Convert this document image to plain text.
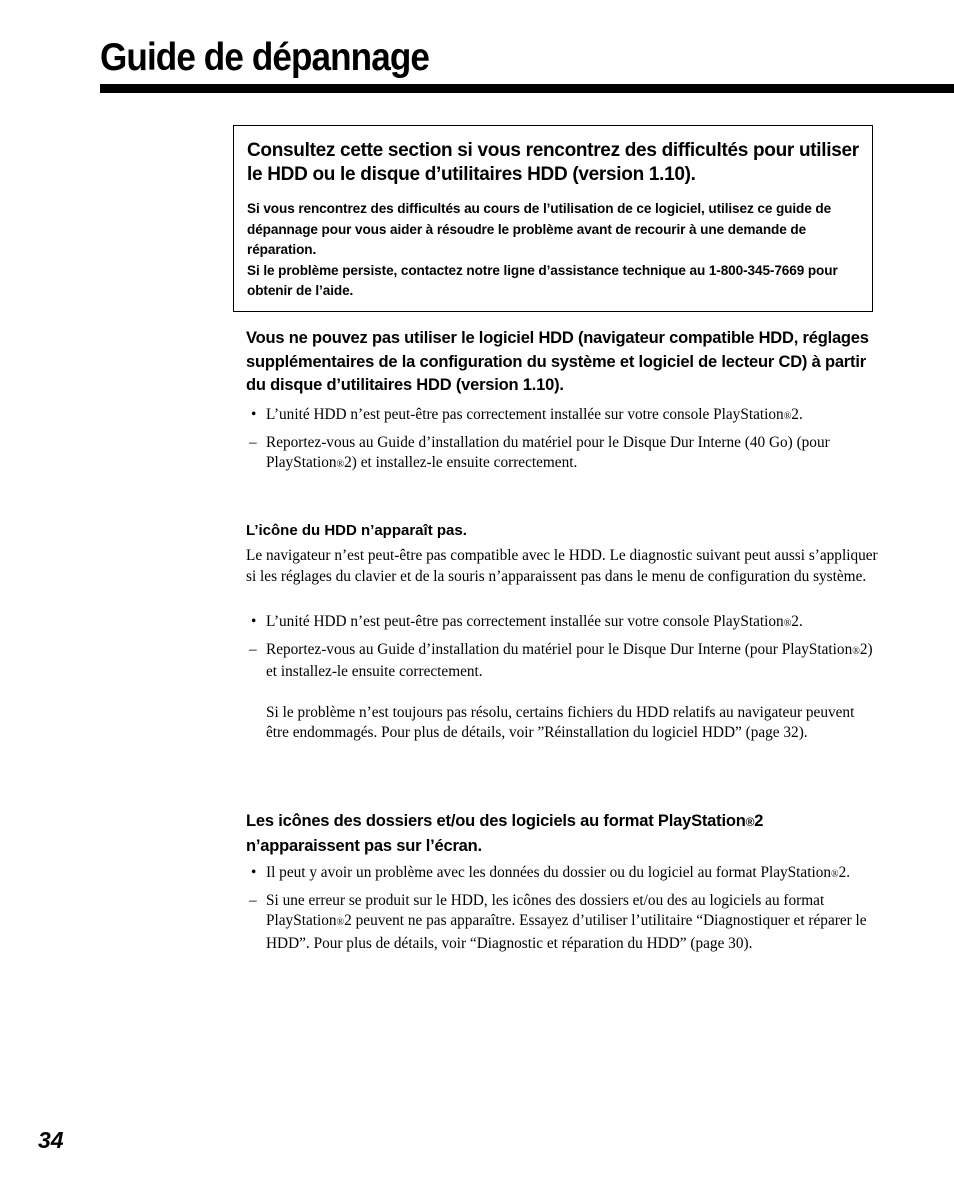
Guide de dépannage
Consultez cette section si vous rencontrez des difficultés pour utiliser le HDD ou le disque d’utilitaires HDD (version 1.10).
Si vous rencontrez des difficultés au cours de l’utilisation de ce logiciel, utilisez ce guide de dépannage pour vous aider à résoudre le problème avant de recourir à une demande de réparation.
Si le problème persiste, contactez notre ligne d’assistance technique au 1-800-345-7669 pour obtenir de l’aide.
Vous ne pouvez pas utiliser le logiciel HDD (navigateur compatible HDD, réglages supplémentaires de la configuration du système et logiciel de lecteur CD) à partir du disque d’utilitaires HDD (version 1.10).
• L’unité HDD n’est peut-être pas correctement installée sur votre console PlayStation®2.
– Reportez-vous au Guide d’installation du matériel pour le Disque Dur Interne (40 Go) (pour PlayStation®2) et installez-le ensuite correctement.
L’icône du HDD n’apparaît pas.
Le navigateur n’est peut-être pas compatible avec le HDD. Le diagnostic suivant peut aussi s’appliquer si les réglages du clavier et de la souris n’apparaissent pas dans le menu de configuration du système.
• L’unité HDD n’est peut-être pas correctement installée sur votre console PlayStation®2.
– Reportez-vous au Guide d’installation du matériel pour le Disque Dur Interne (pour PlayStation®2) et installez-le ensuite correctement.
Si le problème n’est toujours pas résolu, certains fichiers du HDD relatifs au navigateur peuvent être endommagés. Pour plus de détails, voir ”Réinstallation du logiciel HDD” (page 32).
Les icônes des dossiers et/ou des logiciels au format PlayStation®2 n’apparaissent pas sur l’écran.
• Il peut y avoir un problème avec les données du dossier ou du logiciel au format PlayStation®2.
– Si une erreur se produit sur le HDD, les icônes des dossiers et/ou des au logiciels au format PlayStation®2 peuvent ne pas apparaître. Essayez d’utiliser l’utilitaire “Diagnostiquer et réparer le HDD”. Pour plus de détails, voir “Diagnostic et réparation du HDD” (page 30).
34
